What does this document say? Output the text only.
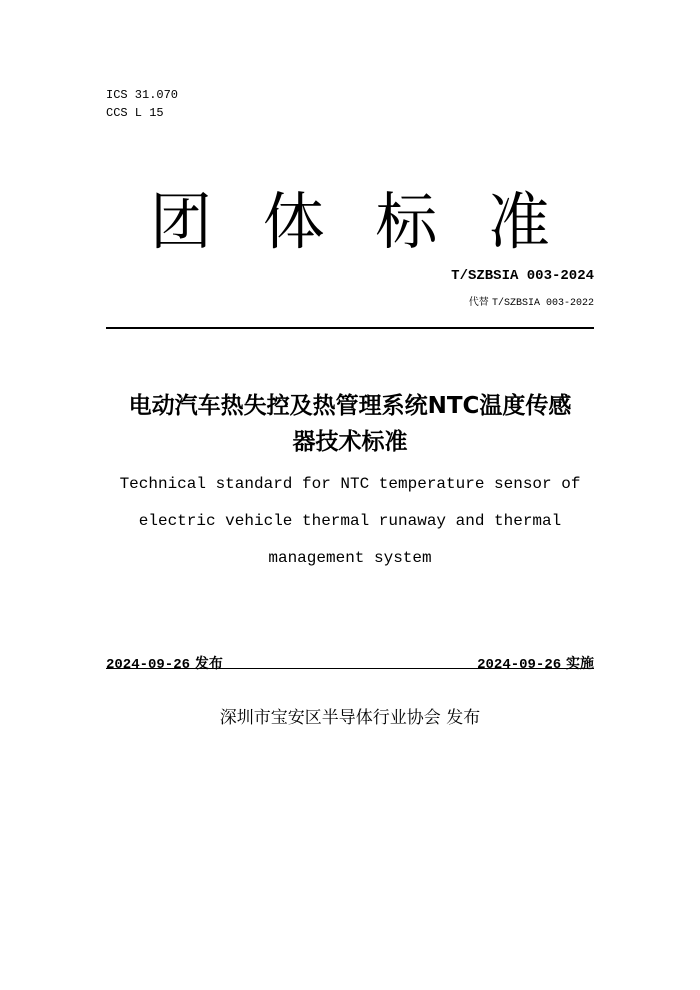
ICS 31.070
CCS L 15
团 体 标 准
T/SZBSIA 003-2024
代替 T/SZBSIA 003-2022
电动汽车热失控及热管理系统NTC温度传感
器技术标准
Technical standard for NTC temperature sensor of
electric vehicle thermal runaway and thermal
management system
2024-09-26 发布	2024-09-26 实施
深圳市宝安区半导体行业协会 发布
